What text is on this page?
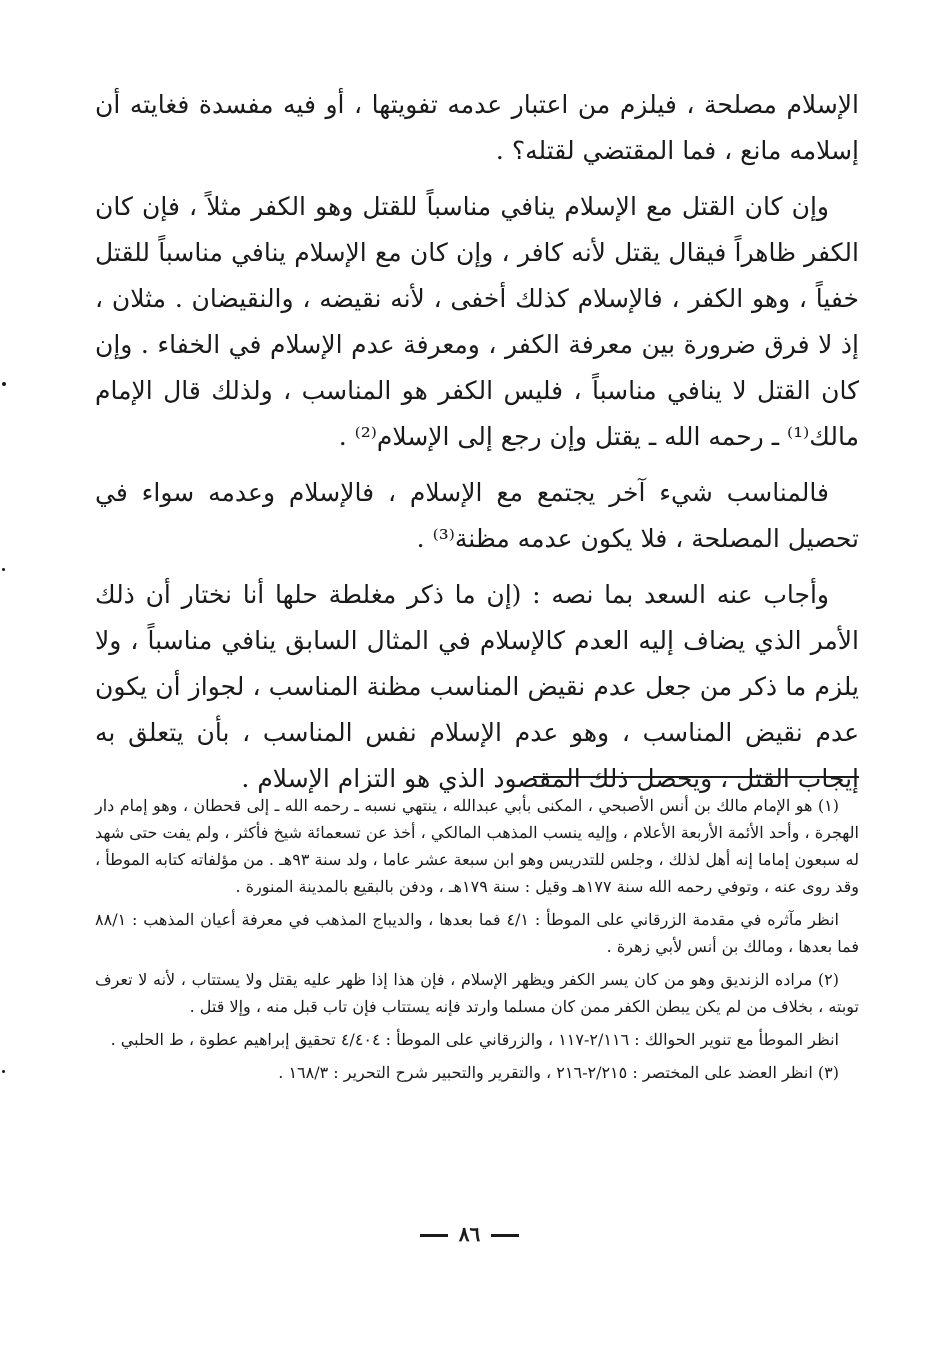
الإسلام مصلحة ، فيلزم من اعتبار عدمه تفويتها ، أو فيه مفسدة فغايته أن إسلامه مانع ، فما المقتضي لقتله؟ .

وإن كان القتل مع الإسلام ينافي مناسباً للقتل وهو الكفر مثلاً ، فإن كان الكفر ظاهراً فيقال يقتل لأنه كافر ، وإن كان مع الإسلام ينافي مناسباً للقتل خفياً ، وهو الكفر ، فالإسلام كذلك أخفى ، لأنه نقيضه ، والنقيضان . مثلان ، إذ لا فرق ضرورة بين معرفة الكفر ، ومعرفة عدم الإسلام في الخفاء . وإن كان القتل لا ينافي مناسباً ، فليس الكفر هو المناسب ، ولذلك قال الإمام مالك⁽¹⁾ ـ رحمه الله ـ يقتل وإن رجع إلى الإسلام⁽²⁾ .

فالمناسب شيء آخر يجتمع مع الإسلام ، فالإسلام وعدمه سواء في تحصيل المصلحة ، فلا يكون عدمه مظنة⁽³⁾ .

وأجاب عنه السعد بما نصه : (إن ما ذكر مغلطة حلها أنا نختار أن ذلك الأمر الذي يضاف إليه العدم كالإسلام في المثال السابق ينافي مناسباً ، ولا يلزم ما ذكر من جعل عدم نقيض المناسب مظنة المناسب ، لجواز أن يكون عدم نقيض المناسب ، وهو عدم الإسلام نفس المناسب ، بأن يتعلق به إيجاب القتل ، ويحصل ذلك المقصود الذي هو التزام الإسلام .

(١) هو الإمام مالك بن أنس الأصبحي ، المكنى بأبي عبدالله ، ينتهي نسبه ـ رحمه الله ـ إلى قحطان ، وهو إمام دار الهجرة ، وأحد الأئمة الأربعة الأعلام ، وإليه ينسب المذهب المالكي ، أخذ عن تسعمائة شيخ فأكثر ، ولم يفت حتى شهد له سبعون إماما إنه أهل لذلك ، وجلس للتدريس وهو ابن سبعة عشر عاما ، ولد سنة ٩٣هـ . من مؤلفاته كتابه الموطأ ، وقد روى عنه ، وتوفي رحمه الله سنة ١٧٧هـ وقيل : سنة ١٧٩هـ ، ودفن بالبقيع بالمدينة المنورة .

انظر مآثره في مقدمة الزرقاني على الموطأ : ٤/١ فما بعدها ، والديباج المذهب في معرفة أعيان المذهب : ٨٨/١ فما بعدها ، ومالك بن أنس لأبي زهرة .

(٢) مراده الزنديق وهو من كان يسر الكفر ويظهر الإسلام ، فإن هذا إذا ظهر عليه يقتل ولا يستتاب ، لأنه لا تعرف توبته ، بخلاف من لم يكن يبطن الكفر ممن كان مسلما وارتد فإنه يستتاب فإن تاب قبل منه ، وإلا قتل .

انظر الموطأ مع تنوير الحوالك : ٢/١١٦-١١٧ ، والزرقاني على الموطأ : ٤/٤٠٤ تحقيق إبراهيم عطوة ، ط الحلبي .

(٣) انظر العضد على المختصر : ٢/٢١٥-٢١٦ ، والتقرير والتحبير شرح التحرير : ١٦٨/٣ .

٨٦
